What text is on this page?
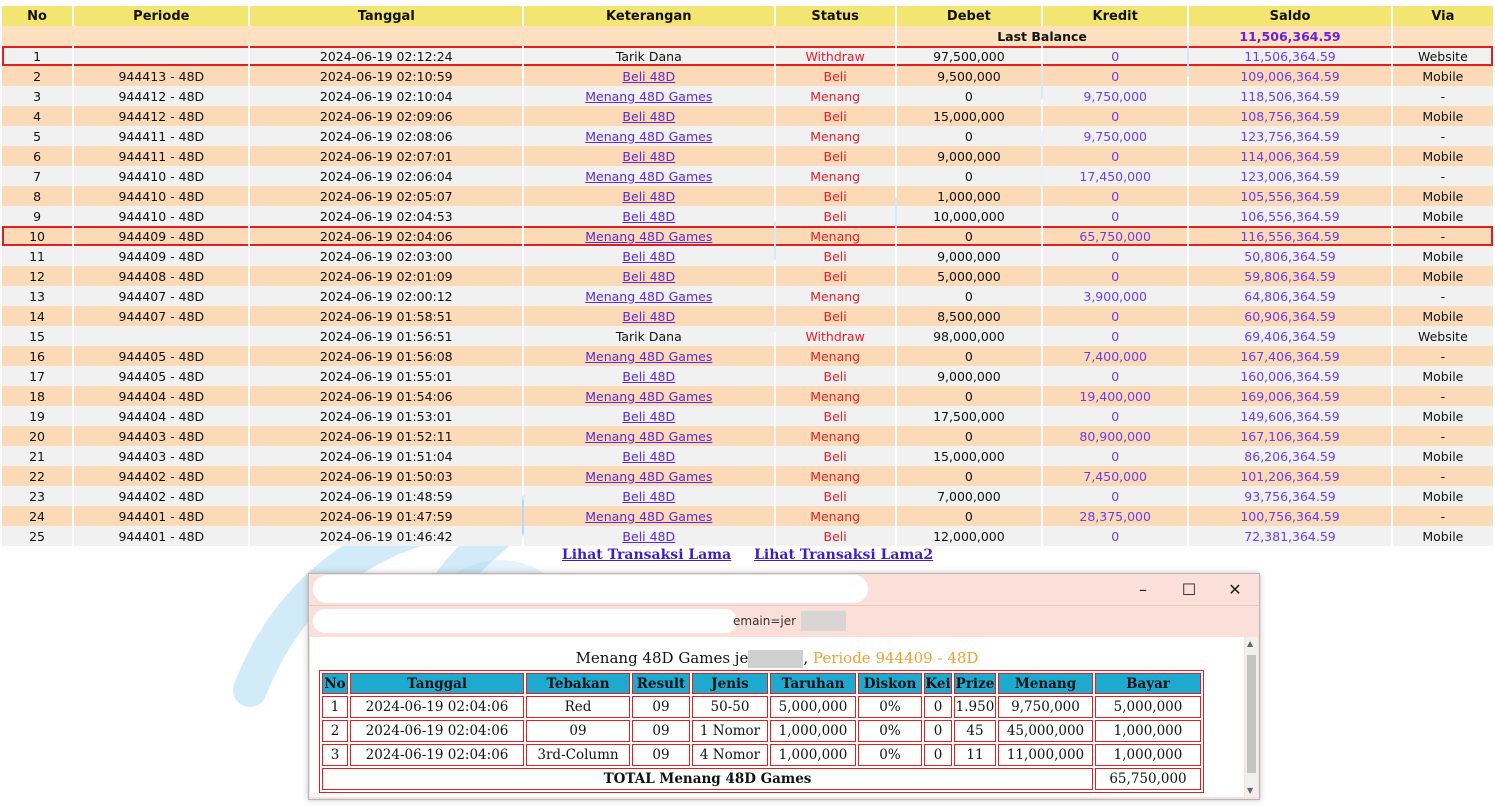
No	Periode	Tanggal	Keterangan	Status	Debet	Kredit	Saldo	Via
					Last Balance		11,506,364.59	
1		2024-06-19 02:12:24	Tarik Dana	Withdraw	97,500,000	0	11,506,364.59	Website
2	944413 - 48D	2024-06-19 02:10:59	Beli 48D	Beli	9,500,000	0	109,006,364.59	Mobile
3	944412 - 48D	2024-06-19 02:10:04	Menang 48D Games	Menang	0	9,750,000	118,506,364.59	-
4	944412 - 48D	2024-06-19 02:09:06	Beli 48D	Beli	15,000,000	0	108,756,364.59	Mobile
5	944411 - 48D	2024-06-19 02:08:06	Menang 48D Games	Menang	0	9,750,000	123,756,364.59	-
6	944411 - 48D	2024-06-19 02:07:01	Beli 48D	Beli	9,000,000	0	114,006,364.59	Mobile
7	944410 - 48D	2024-06-19 02:06:04	Menang 48D Games	Menang	0	17,450,000	123,006,364.59	-
8	944410 - 48D	2024-06-19 02:05:07	Beli 48D	Beli	1,000,000	0	105,556,364.59	Mobile
9	944410 - 48D	2024-06-19 02:04:53	Beli 48D	Beli	10,000,000	0	106,556,364.59	Mobile
10	944409 - 48D	2024-06-19 02:04:06	Menang 48D Games	Menang	0	65,750,000	116,556,364.59	-
11	944409 - 48D	2024-06-19 02:03:00	Beli 48D	Beli	9,000,000	0	50,806,364.59	Mobile
12	944408 - 48D	2024-06-19 02:01:09	Beli 48D	Beli	5,000,000	0	59,806,364.59	Mobile
13	944407 - 48D	2024-06-19 02:00:12	Menang 48D Games	Menang	0	3,900,000	64,806,364.59	-
14	944407 - 48D	2024-06-19 01:58:51	Beli 48D	Beli	8,500,000	0	60,906,364.59	Mobile
15		2024-06-19 01:56:51	Tarik Dana	Withdraw	98,000,000	0	69,406,364.59	Website
16	944405 - 48D	2024-06-19 01:56:08	Menang 48D Games	Menang	0	7,400,000	167,406,364.59	-
17	944405 - 48D	2024-06-19 01:55:01	Beli 48D	Beli	9,000,000	0	160,006,364.59	Mobile
18	944404 - 48D	2024-06-19 01:54:06	Menang 48D Games	Menang	0	19,400,000	169,006,364.59	-
19	944404 - 48D	2024-06-19 01:53:01	Beli 48D	Beli	17,500,000	0	149,606,364.59	Mobile
20	944403 - 48D	2024-06-19 01:52:11	Menang 48D Games	Menang	0	80,900,000	167,106,364.59	-
21	944403 - 48D	2024-06-19 01:51:04	Beli 48D	Beli	15,000,000	0	86,206,364.59	Mobile
22	944402 - 48D	2024-06-19 01:50:03	Menang 48D Games	Menang	0	7,450,000	101,206,364.59	-
23	944402 - 48D	2024-06-19 01:48:59	Beli 48D	Beli	7,000,000	0	93,756,364.59	Mobile
24	944401 - 48D	2024-06-19 01:47:59	Menang 48D Games	Menang	0	28,375,000	100,756,364.59	-
25	944401 - 48D	2024-06-19 01:46:42	Beli 48D	Beli	12,000,000	0	72,381,364.59	Mobile
Lihat Transaksi Lama Lihat Transaksi Lama2
–	☐	✕
emain=jer
Menang 48D Games je	, Periode 944409 - 48D
No	Tanggal	Tebakan	Result	Jenis	Taruhan	Diskon	Kei	Prize	Menang	Bayar
1	2024-06-19 02:04:06	Red	09	50-50	5,000,000	0%	0	1.950	9,750,000	5,000,000
2	2024-06-19 02:04:06	09	09	1 Nomor	1,000,000	0%	0	45	45,000,000	1,000,000
3	2024-06-19 02:04:06	3rd-Column	09	4 Nomor	1,000,000	0%	0	11	11,000,000	1,000,000
TOTAL Menang 48D Games										65,750,000
▲
▼
